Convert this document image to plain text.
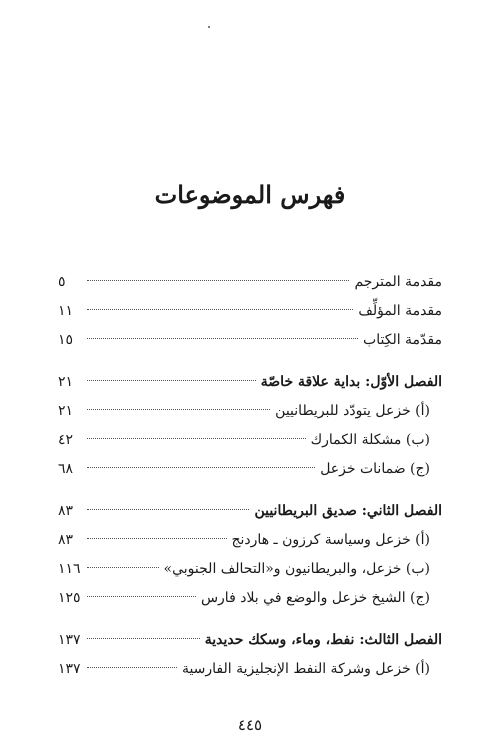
فهرس الموضوعات
مقدمة المترجم
٥
مقدمة المؤلِّف
١١
مقدّمة الكِتاب
١٥
الفصل الأوّل: بداية علاقة خاصّة
٢١
(أ) خزعل يتودّد للبريطانيين
٢١
(ب) مشكلة الكمارك
٤٢
(ج) ضمانات خزعل
٦٨
الفصل الثاني: صديق البريطانيين
٨٣
(أ) خزعل وسياسة كرزون ـ هاردنج
٨٣
(ب) خزعل، والبريطانيون و«التحالف الجنوبي»
١١٦
(ج) الشيخ خزعل والوضع في بلاد فارس
١٢٥
الفصل الثالث: نفط، وماء، وسكك حديدية
١٣٧
(أ) خزعل وشركة النفط الإنجليزية الفارسية
١٣٧
٤٤٥
